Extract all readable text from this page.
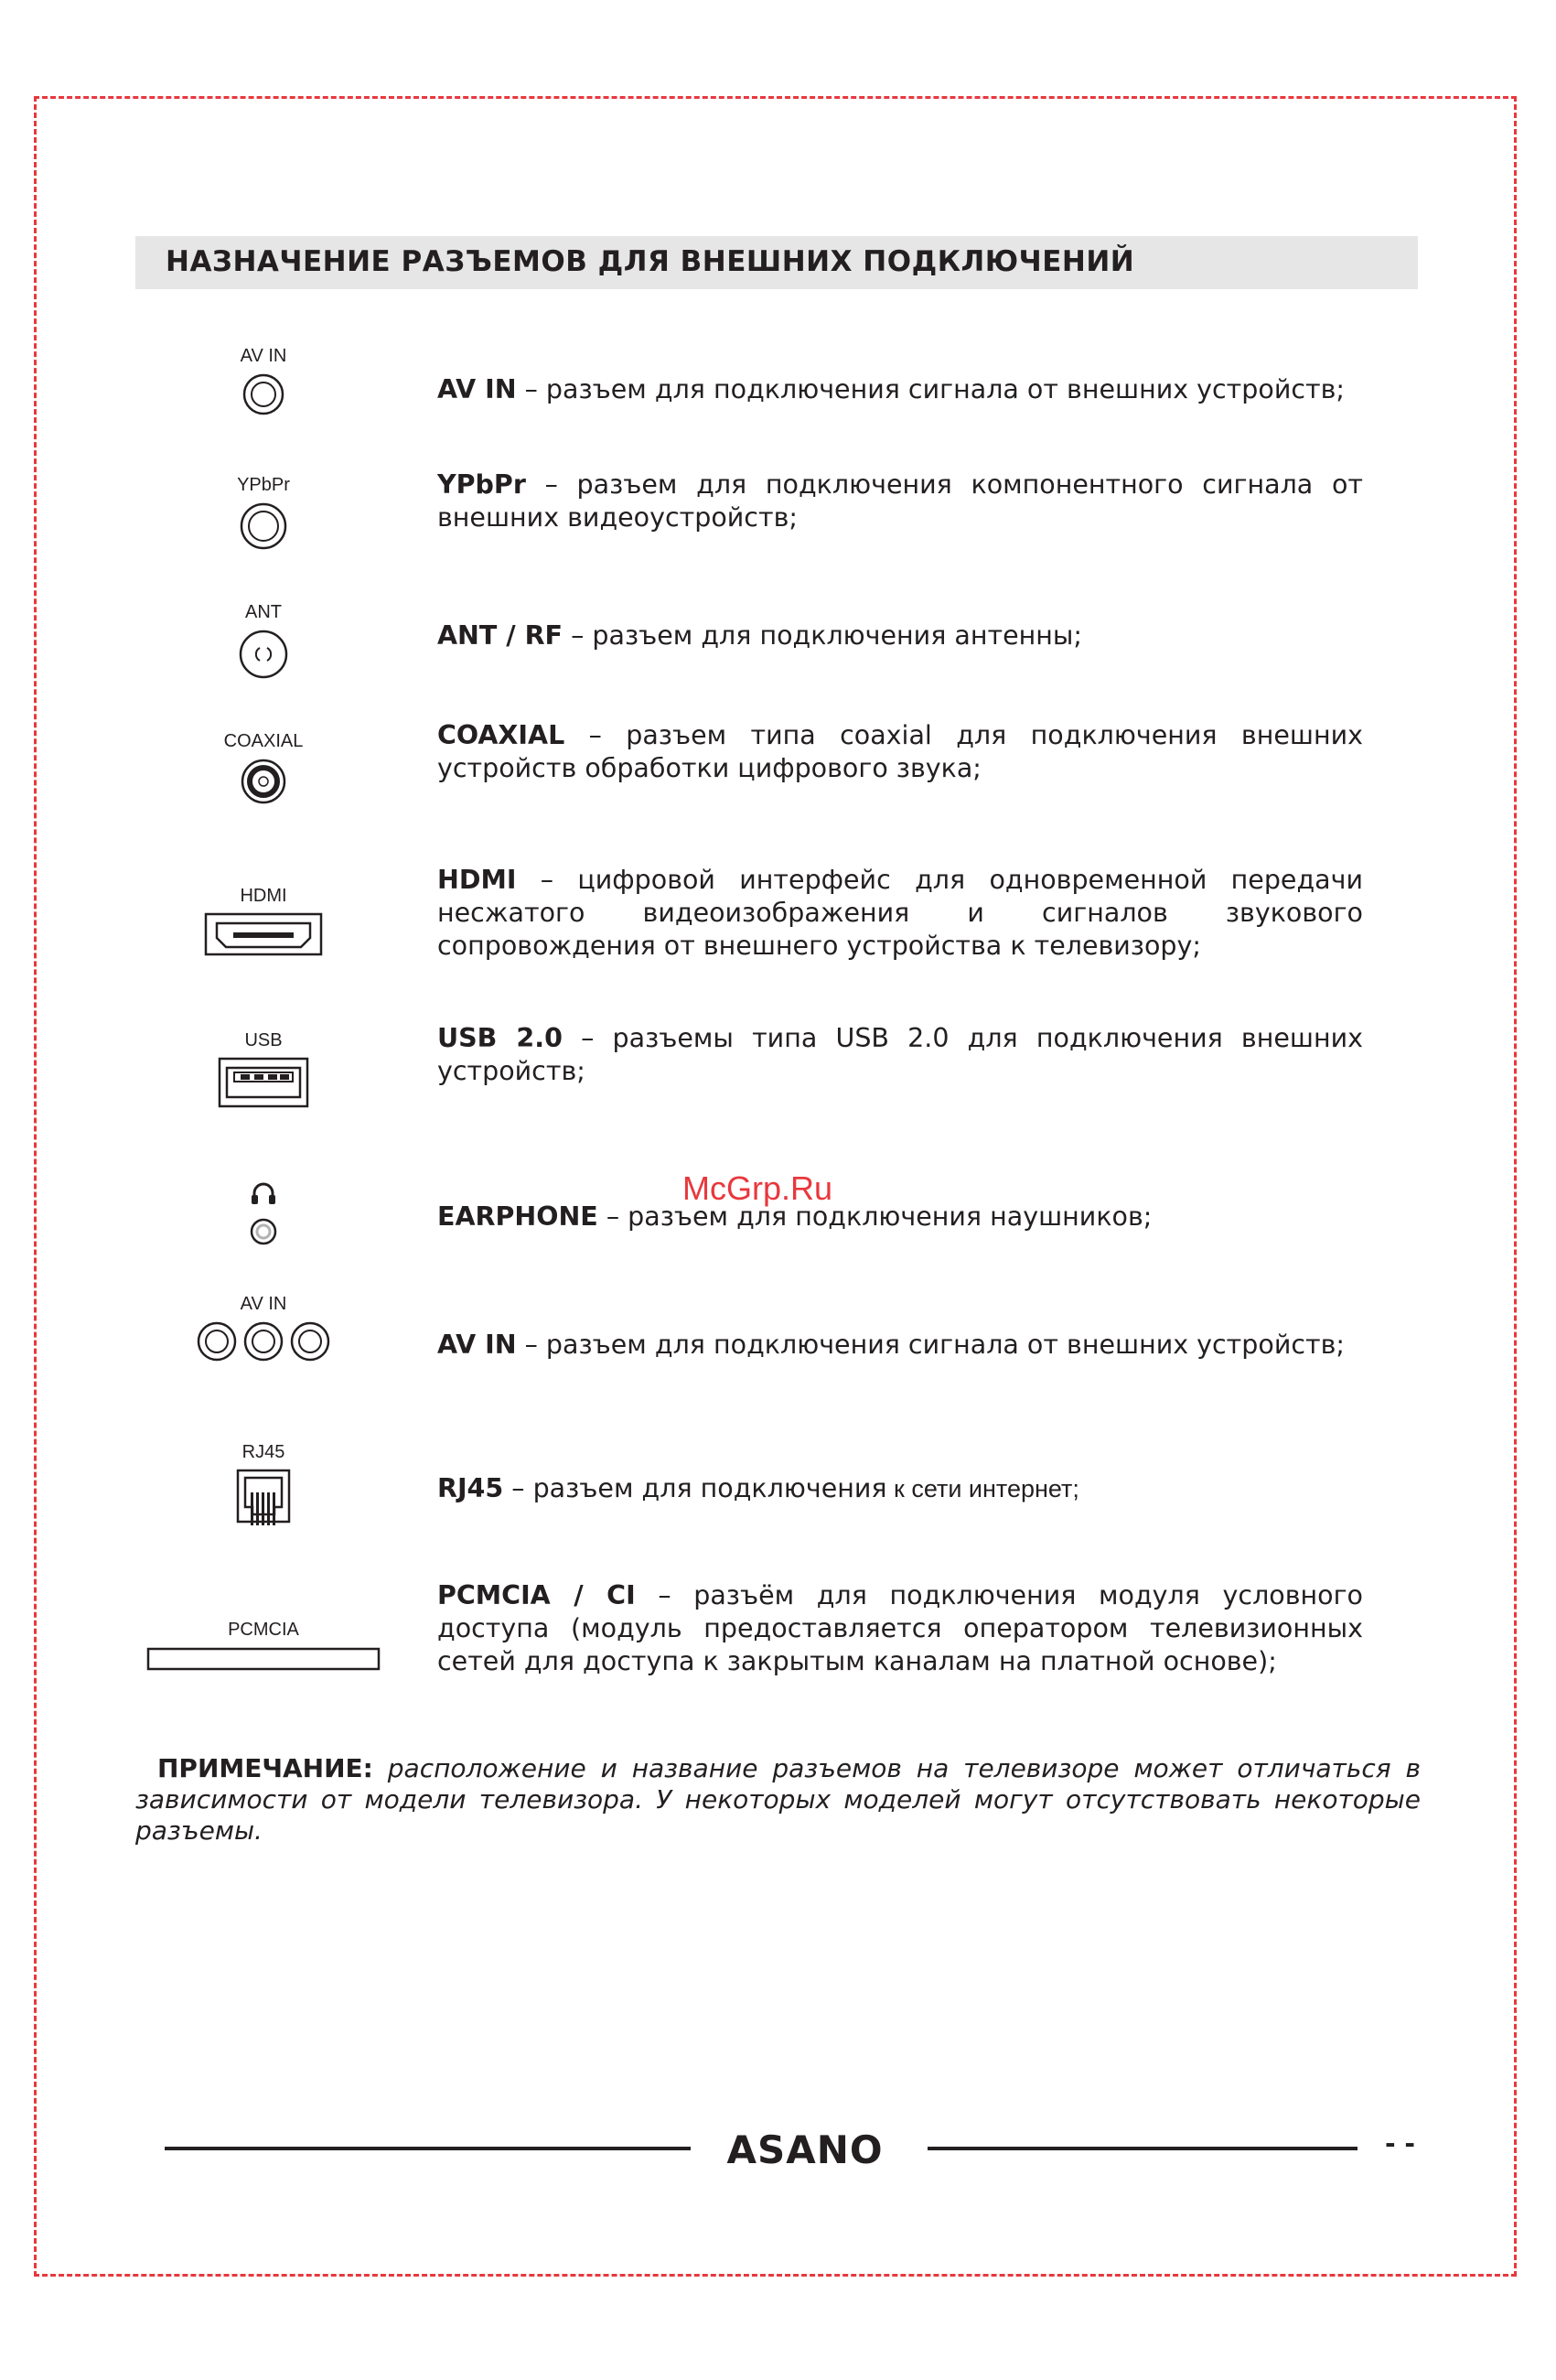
НАЗНАЧЕНИЕ РАЗЪЕМОВ ДЛЯ ВНЕШНИХ ПОДКЛЮЧЕНИЙ
AV IN
AV IN – разъем для подключения сигнала от внешних устройств;
YPbPr	YPbPr – разъем для подключения компонентного сигнала от внешних видеоустройств;
ANT
ANT / RF – разъем для подключения антенны;
COAXIAL	COAXIAL – разъем типа coaxial для подключения внешних устройств обработки цифрового звука;
HDMI
HDMI – цифровой интерфейс для одновременной передачи несжатого видеоизображения и сигналов звукового сопровождения от внешнего устройства к телевизору;
USB	USB 2.0 – разъемы типа USB 2.0 для подключения внешних устройств;
EARPHONE – разъем для подключения наушников;
McGrp.Ru
AV IN
AV IN – разъем для подключения сигнала от внешних устройств;
RJ45
RJ45 – разъем для подключения к сети интернет;
PCMCIA
PCMCIA / CI – разъём для подключения модуля условного доступа (модуль предоставляется оператором телевизионных сетей для доступа к закрытым каналам на платной основе);
ПРИМЕЧАНИЕ: расположение и название разъемов на телевизоре может отличаться в зависимости от модели телевизора. У некоторых моделей могут отсутствовать некоторые разъемы.
ASANO	- -
